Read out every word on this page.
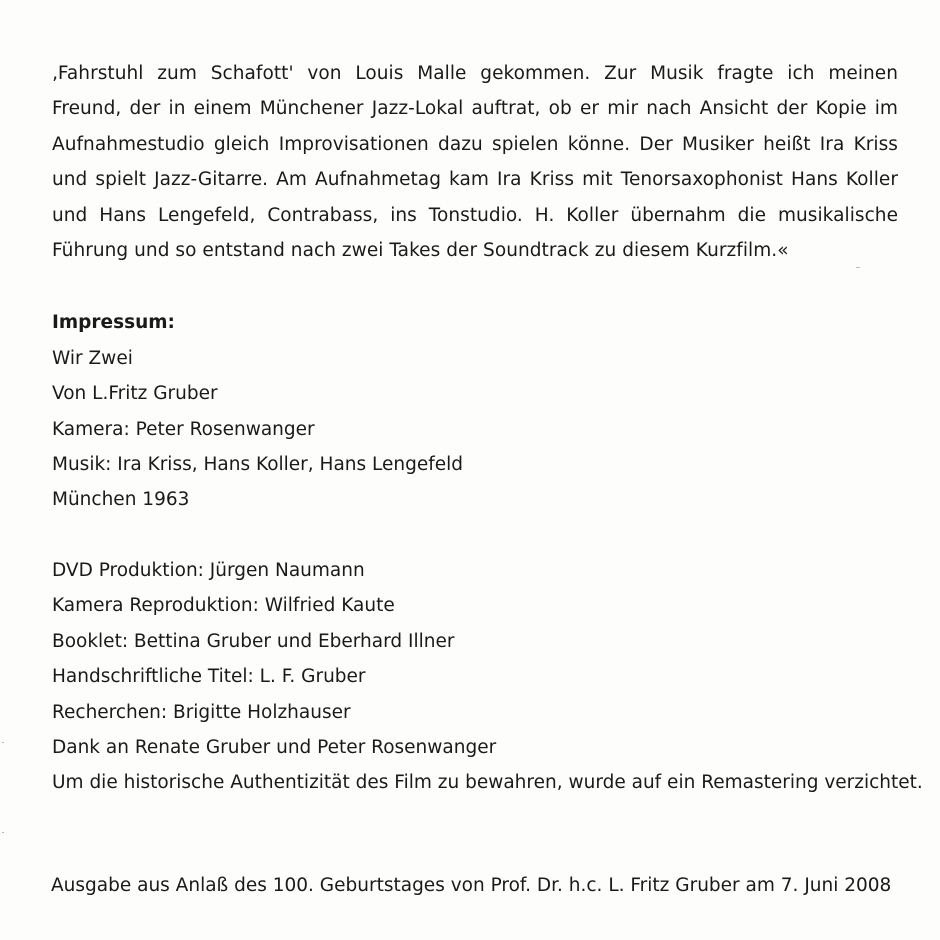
‚Fahrstuhl zum Schafott' von Louis Malle gekommen. Zur Musik fragte ich meinen
Freund, der in einem Münchener Jazz-Lokal auftrat, ob er mir nach Ansicht der Kopie im
Aufnahmestudio gleich Improvisationen dazu spielen könne. Der Musiker heißt Ira Kriss
und spielt Jazz-Gitarre. Am Aufnahmetag kam Ira Kriss mit Tenorsaxophonist Hans Koller
und Hans Lengefeld, Contrabass, ins Tonstudio. H. Koller übernahm die musikalische
Führung und so entstand nach zwei Takes der Soundtrack zu diesem Kurzfilm.«

Impressum:
Wir Zwei
Von L.Fritz Gruber
Kamera: Peter Rosenwanger
Musik: Ira Kriss, Hans Koller, Hans Lengefeld
München 1963
DVD Produktion: Jürgen Naumann
Kamera Reproduktion: Wilfried Kaute
Booklet: Bettina Gruber und Eberhard Illner
Handschriftliche Titel: L. F. Gruber
Recherchen: Brigitte Holzhauser
Dank an Renate Gruber und Peter Rosenwanger
Um die historische Authentizität des Film zu bewahren, wurde auf ein Remastering verzichtet.
Ausgabe aus Anlaß des 100. Geburtstages von Prof. Dr. h.c. L. Fritz Gruber am 7. Juni 2008
